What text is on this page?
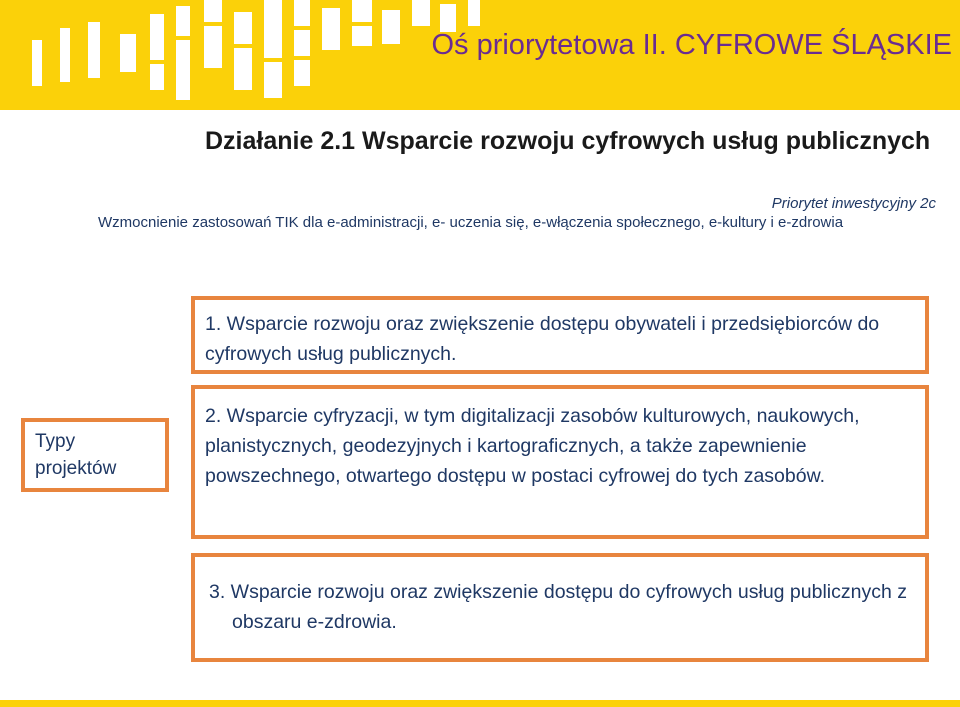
Oś priorytetowa II. CYFROWE ŚLĄSKIE
Działanie 2.1 Wsparcie rozwoju cyfrowych usług publicznych
Priorytet inwestycyjny 2c
Wzmocnienie zastosowań TIK dla e-administracji, e- uczenia się, e-włączenia społecznego, e-kultury i e-zdrowia
Typy projektów
1. Wsparcie rozwoju oraz zwiększenie dostępu obywateli i przedsiębiorców do cyfrowych usług publicznych.
2. Wsparcie cyfryzacji, w tym digitalizacji zasobów kulturowych, naukowych, planistycznych, geodezyjnych i kartograficznych, a także zapewnienie powszechnego, otwartego dostępu w postaci cyfrowej do tych zasobów.
3. Wsparcie rozwoju oraz zwiększenie dostępu do cyfrowych usług publicznych z obszaru e-zdrowia.
